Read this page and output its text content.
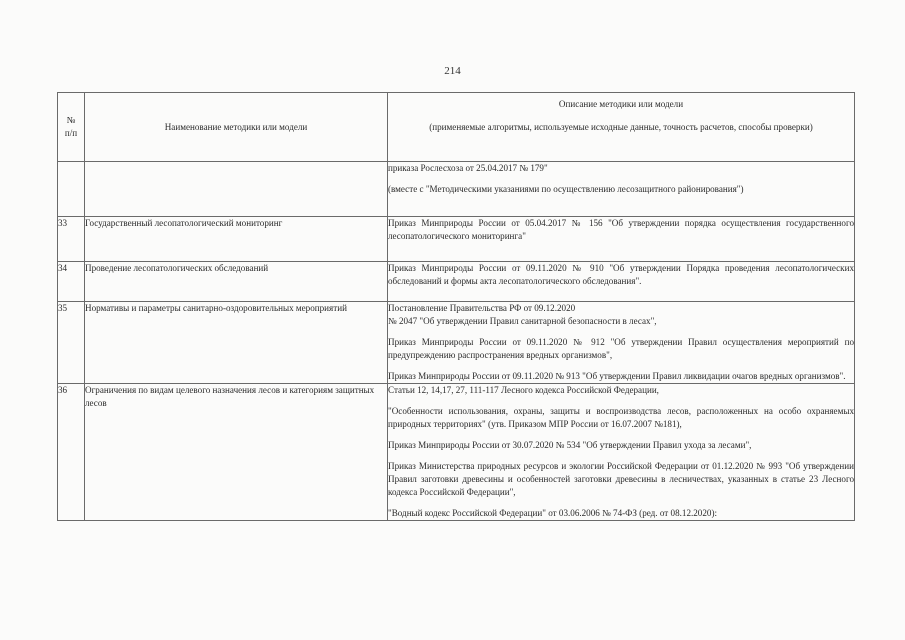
214
№
п/п	Наименование методики или модели	Описание методики или модели
(применяемые алгоритмы, используемые исходные данные, точность расчетов, способы проверки)

		приказа Рослесхоза от 25.04.2017 № 179"

(вместе с "Методическими указаниями по осуществлению лесозащитного районирования")

33	Государственный лесопатологический мониторинг	Приказ Минприроды России от 05.04.2017 № 156 "Об утверждении порядка осуществления государственного лесопатологического мониторинга"

34	Проведение лесопатологических обследований	Приказ Минприроды России от 09.11.2020 № 910 "Об утверждении Порядка проведения лесопатологических обследований и формы акта лесопатологического обследования".

35	Нормативы и параметры санитарно-оздоровительных мероприятий	Постановление Правительства РФ от 09.12.2020
№ 2047 "Об утверждении Правил санитарной безопасности в лесах",

Приказ Минприроды России от 09.11.2020 № 912 "Об утверждении Правил осуществления мероприятий по предупреждению распространения вредных организмов",

Приказ Минприроды России от 09.11.2020 № 913 "Об утверждении Правил ликвидации очагов вредных организмов".

36	Ограничения по видам целевого назначения лесов и категориям защитных лесов	Статьи 12, 14,17, 27, 111-117 Лесного кодекса Российской Федерации,

"Особенности использования, охраны, защиты и воспроизводства лесов, расположенных на особо охраняемых природных территориях" (утв. Приказом МПР России от 16.07.2007 №181),

Приказ Минприроды России от 30.07.2020 № 534 "Об утверждении Правил ухода за лесами",

Приказ Министерства природных ресурсов и экологии Российской Федерации от 01.12.2020 № 993 "Об утверждении Правил заготовки древесины и особенностей заготовки древесины в лесничествах, указанных в статье 23 Лесного кодекса Российской Федерации",

"Водный кодекс Российской Федерации" от 03.06.2006 № 74-ФЗ (ред. от 08.12.2020):
